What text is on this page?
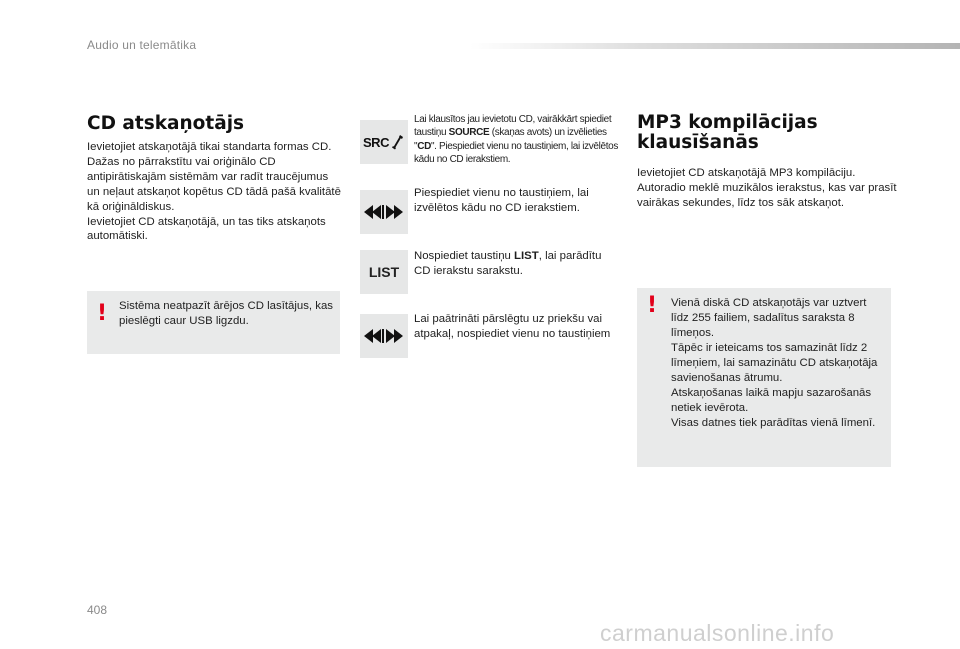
Audio un telemātika
CD atskaņotājs

Ievietojiet atskaņotājā tikai standarta formas CD.

Dažas no pārrakstītu vai oriģinālo CD antipirātiskajām sistēmām var radīt traucējumus un neļaut atskaņot kopētus CD tādā pašā kvalitātē kā oriģināldiskus.

Ievietojiet CD atskaņotājā, un tas tiks atskaņots automātiski.

! Sistēma neatpazīt ārējos CD lasītājus, kas pieslēgti caur USB ligzdu.

SRC

Lai klausītos jau ievietotu CD, vairākkārt spiediet taustiņu SOURCE (skaņas avots) un izvēlieties "CD". Piespiediet vienu no taustiņiem, lai izvēlētos kādu no CD ierakstiem.

Piespiediet vienu no taustiņiem, lai izvēlētos kādu no CD ierakstiem.

LIST

Nospiediet taustiņu LIST, lai parādītu CD ierakstu sarakstu.

Lai paātrināti pārslēgtu uz priekšu vai atpakaļ, nospiediet vienu no taustiņiem

MP3 kompilācijas
klausīšanās

Ievietojiet CD atskaņotājā MP3 kompilāciju.

Autoradio meklē muzikālos ierakstus, kas var prasīt vairākas sekundes, līdz tos sāk atskaņot.

! Vienā diskā CD atskaņotājs var uztvert līdz 255 failiem, sadalītus saraksta 8 līmeņos.

Tāpēc ir ieteicams tos samazināt līdz 2 līmeņiem, lai samazinātu CD atskaņotāja savienošanas ātrumu.

Atskaņošanas laikā mapju sazarošanās netiek ievērota.

Visas datnes tiek parādītas vienā līmenī.

408
carmanualsonline.info
